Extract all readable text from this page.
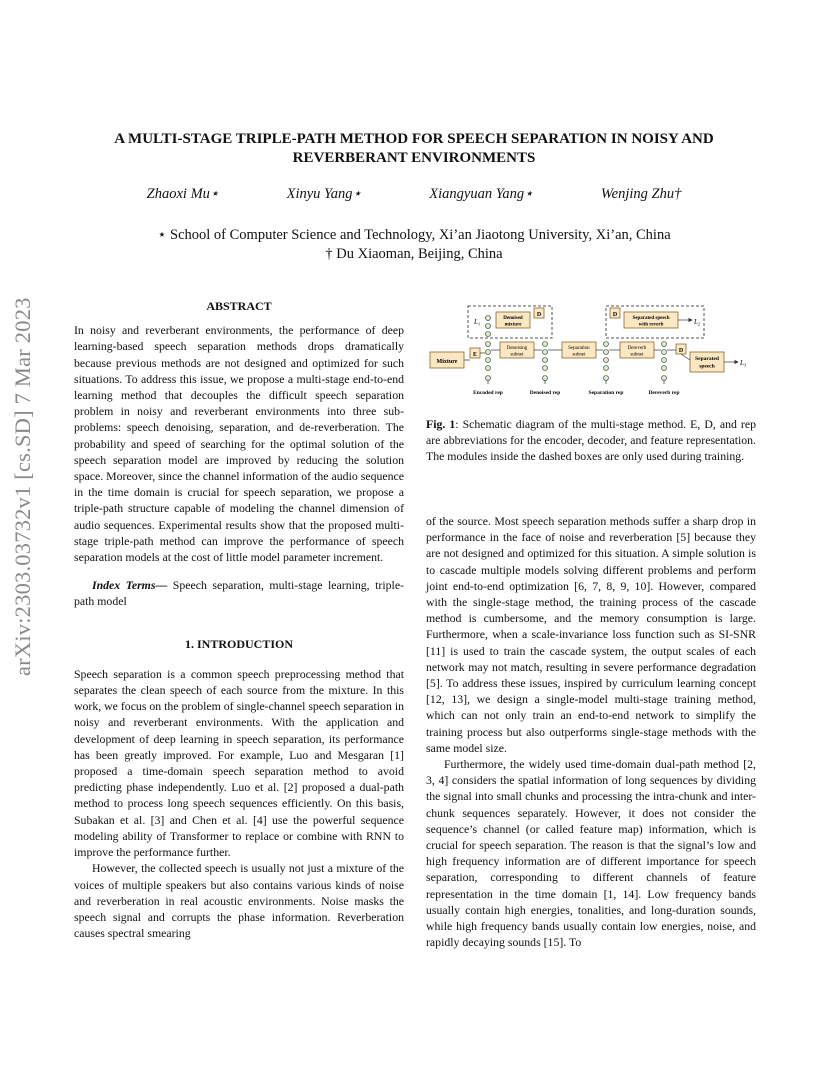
A MULTI-STAGE TRIPLE-PATH METHOD FOR SPEECH SEPARATION IN NOISY AND REVERBERANT ENVIRONMENTS
Zhaoxi Mu⋆	Xinyu Yang⋆	Xiangyuan Yang⋆	Wenjing Zhu†
⋆ School of Computer Science and Technology, Xi’an Jiaotong University, Xi’an, China
† Du Xiaoman, Beijing, China
arXiv:2303.03732v1 [cs.SD] 7 Mar 2023	ABSTRACT

In noisy and reverberant environments, the performance of deep learning-based speech separation methods drops dramatically because previous methods are not designed and optimized for such situations. To address this issue, we propose a multi-stage end-to-end learning method that decouples the difficult speech separation problem in noisy and reverberant environments into three sub-problems: speech denoising, separation, and de-reverberation. The probability and speed of searching for the optimal solution of the speech separation model are improved by reducing the solution space. Moreover, since the channel information of the audio sequence in the time domain is crucial for speech separation, we propose a triple-path structure capable of modeling the channel dimension of audio sequences. Experimental results show that the proposed multi-stage triple-path method can improve the performance of speech separation models at the cost of little model parameter increment.

Index Terms— Speech separation, multi-stage learning, triple-path model

1. INTRODUCTION

Speech separation is a common speech preprocessing method that separates the clean speech of each source from the mixture. In this work, we focus on the problem of single-channel speech separation in noisy and reverberant environments. With the application and development of deep learning in speech separation, its performance has been greatly improved. For example, Luo and Mesgaran [1] proposed a time-domain speech separation method to avoid predicting phase independently. Luo et al. [2] proposed a dual-path method to process long speech sequences efficiently. On this basis, Subakan et al. [3] and Chen et al. [4] use the powerful sequence modeling ability of Transformer to replace or combine with RNN to improve the performance further.

However, the collected speech is usually not just a mixture of the voices of multiple speakers but also contains various kinds of noise and reverberation in real acoustic environments. Noise masks the speech signal and corrupts the phase information. Reverberation causes spectral smearing

Mixture
E
Denoised
mixture
D
$L_1$
Denoising
subnet
Separation
subnet
Dereverb
subnet
D
Separated speech
with reverb	$L_2$
D
Separated
speech	$L_3$
Encoded rep	Denoised rep	Separation rep	Dereverb rep

Fig. 1: Schematic diagram of the multi-stage method. E, D, and rep are abbreviations for the encoder, decoder, and feature representation. The modules inside the dashed boxes are only used during training.

of the source. Most speech separation methods suffer a sharp drop in performance in the face of noise and reverberation [5] because they are not designed and optimized for this situation. A simple solution is to cascade multiple models solving different problems and perform joint end-to-end optimization [6, 7, 8, 9, 10]. However, compared with the single-stage method, the training process of the cascade method is cumbersome, and the memory consumption is large. Furthermore, when a scale-invariance loss function such as SI-SNR [11] is used to train the cascade system, the output scales of each network may not match, resulting in severe performance degradation [5]. To address these issues, inspired by curriculum learning concept [12, 13], we design a single-model multi-stage training method, which can not only train an end-to-end network to simplify the training process but also outperforms single-stage methods with the same model size.

Furthermore, the widely used time-domain dual-path method [2, 3, 4] considers the spatial information of long sequences by dividing the signal into small chunks and processing the intra-chunk and inter-chunk sequences separately. However, it does not consider the sequence’s channel (or called feature map) information, which is crucial for speech separation. The reason is that the signal’s low and high frequency information are of different importance for speech separation, corresponding to different channels of feature representation in the time domain [1, 14]. Low frequency bands usually contain high energies, tonalities, and long-duration sounds, while high frequency bands usually contain low energies, noise, and rapidly decaying sounds [15]. To
